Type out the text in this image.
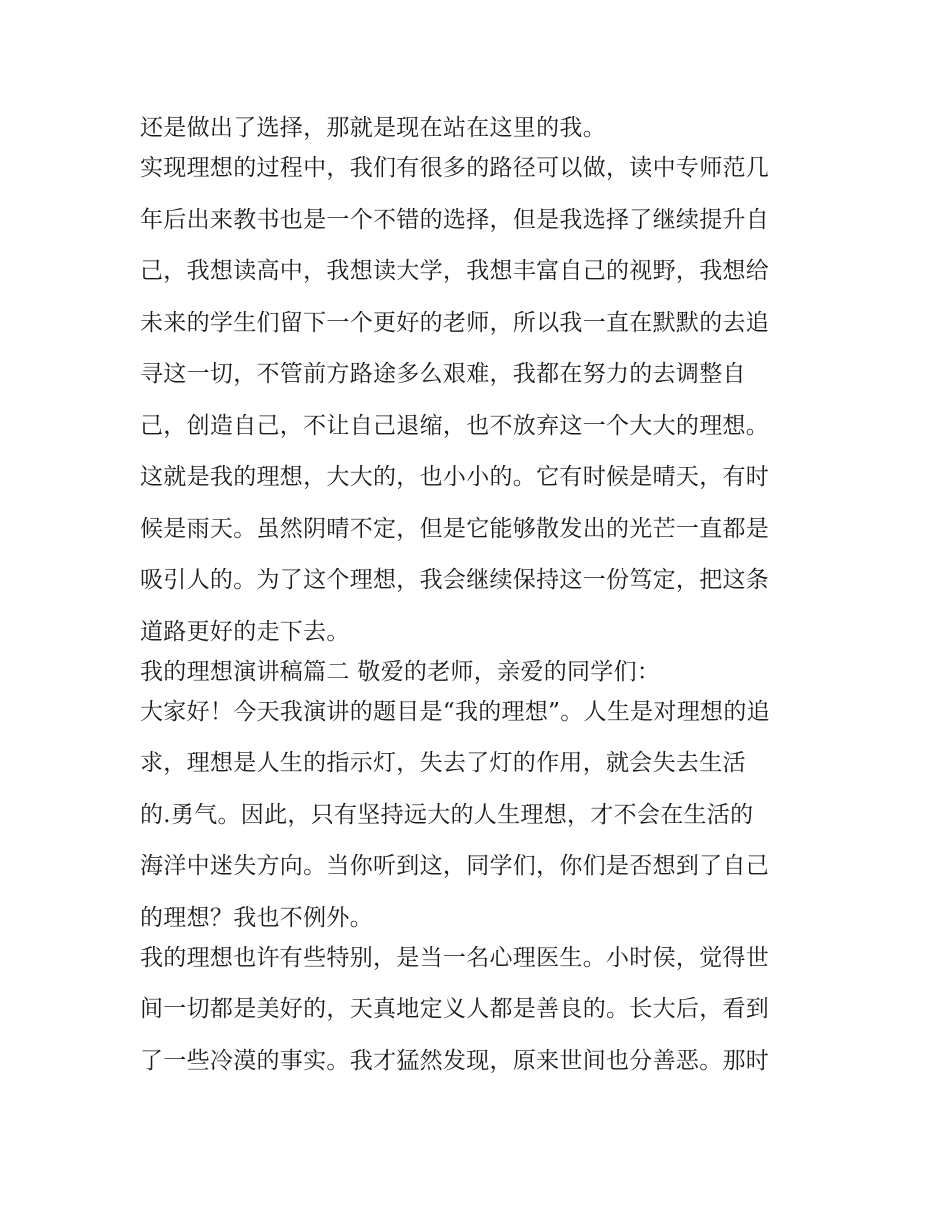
还是做出了选择，那就是现在站在这里的我。
实现理想的过程中，我们有很多的路径可以做，读中专师范几
年后出来教书也是一个不错的选择，但是我选择了继续提升自
己，我想读高中，我想读大学，我想丰富自己的视野，我想给
未来的学生们留下一个更好的老师，所以我一直在默默的去追
寻这一切，不管前方路途多么艰难，我都在努力的去调整自
己，创造自己，不让自己退缩，也不放弃这一个大大的理想。
这就是我的理想，大大的，也小小的。它有时候是晴天，有时
候是雨天。虽然阴晴不定，但是它能够散发出的光芒一直都是
吸引人的。为了这个理想，我会继续保持这一份笃定，把这条
道路更好的走下去。
我的理想演讲稿篇二 敬爱的老师，亲爱的同学们：
大家好！今天我演讲的题目是“我的理想”。人生是对理想的追
求，理想是人生的指示灯，失去了灯的作用，就会失去生活
的.勇气。因此，只有坚持远大的人生理想，才不会在生活的
海洋中迷失方向。当你听到这，同学们，你们是否想到了自己
的理想？我也不例外。
我的理想也许有些特别，是当一名心理医生。小时侯，觉得世
间一切都是美好的，天真地定义人都是善良的。长大后，看到
了一些冷漠的事实。我才猛然发现，原来世间也分善恶。那时
